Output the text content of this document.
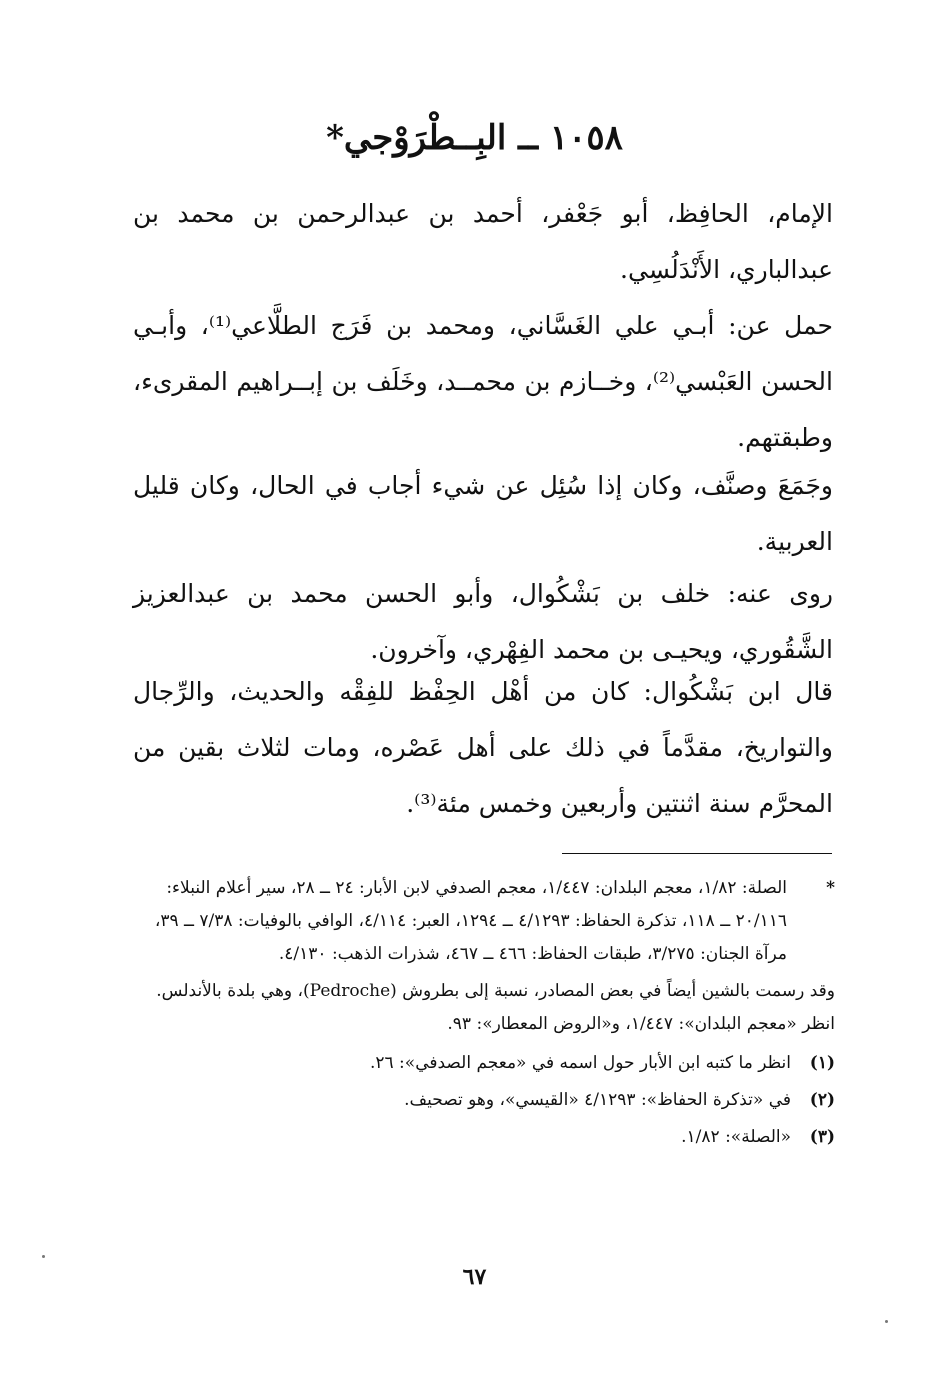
١٠٥٨ ــ البِــطْرَوْجي*

الإمام، الحافِظ، أبو جَعْفر، أحمد بن عبدالرحمن بن محمد بن عبدالباري، الأَنْدَلُسِي.

حمل عن: أبـي علي الغَسَّاني، ومحمد بن فَرَج الطلَّاعي⁽¹⁾، وأبـي الحسن العَبْسي⁽²⁾، وخــازم بن محمــد، وخَلَف بن إبــراهيم المقرىء، وطبقتهم.

وجَمَعَ وصنَّف، وكان إذا سُئِل عن شيء أجاب في الحال، وكان قليل العربية.

روى عنه: خلف بن بَشْكُوال، وأبو الحسن محمد بن عبدالعزيز الشَّقُوري، ويحيـى بن محمد الفِهْري، وآخرون.

قال ابن بَشْكُوال: كان من أهْل الحِفْظ للفِقْه والحديث، والرِّجال والتواريخ، مقدَّماً في ذلك على أهل عَصْره، ومات لثلاث بقين من المحرَّم سنة اثنتين وأربعين وخمس مئة⁽³⁾.

*
الصلة: ١/٨٢، معجم البلدان: ١/٤٤٧، معجم الصدفي لابن الأبار: ٢٤ ــ ٢٨، سير أعلام النبلاء: ٢٠/١١٦ ــ ١١٨، تذكرة الحفاظ: ٤/١٢٩٣ ــ ١٢٩٤، العبر: ٤/١١٤، الوافي بالوفيات: ٧/٣٨ ــ ٣٩، مرآة الجنان: ٣/٢٧٥، طبقات الحفاظ: ٤٦٦ ــ ٤٦٧، شذرات الذهب: ٤/١٣٠.

وقد رسمت بالشين أيضاً في بعض المصادر، نسبة إلى بطروش (Pedroche)، وهي بلدة بالأندلس. انظر «معجم البلدان»: ١/٤٤٧، و«الروض المعطار»: ٩٣.

(١)انظر ما كتبه ابن الأبار حول اسمه في «معجم الصدفي»: ٢٦.

(٢)في «تذكرة الحفاظ»: ٤/١٢٩٣ «القيسي»، وهو تصحيف.

(٣)«الصلة»: ١/٨٢.

٦٧
